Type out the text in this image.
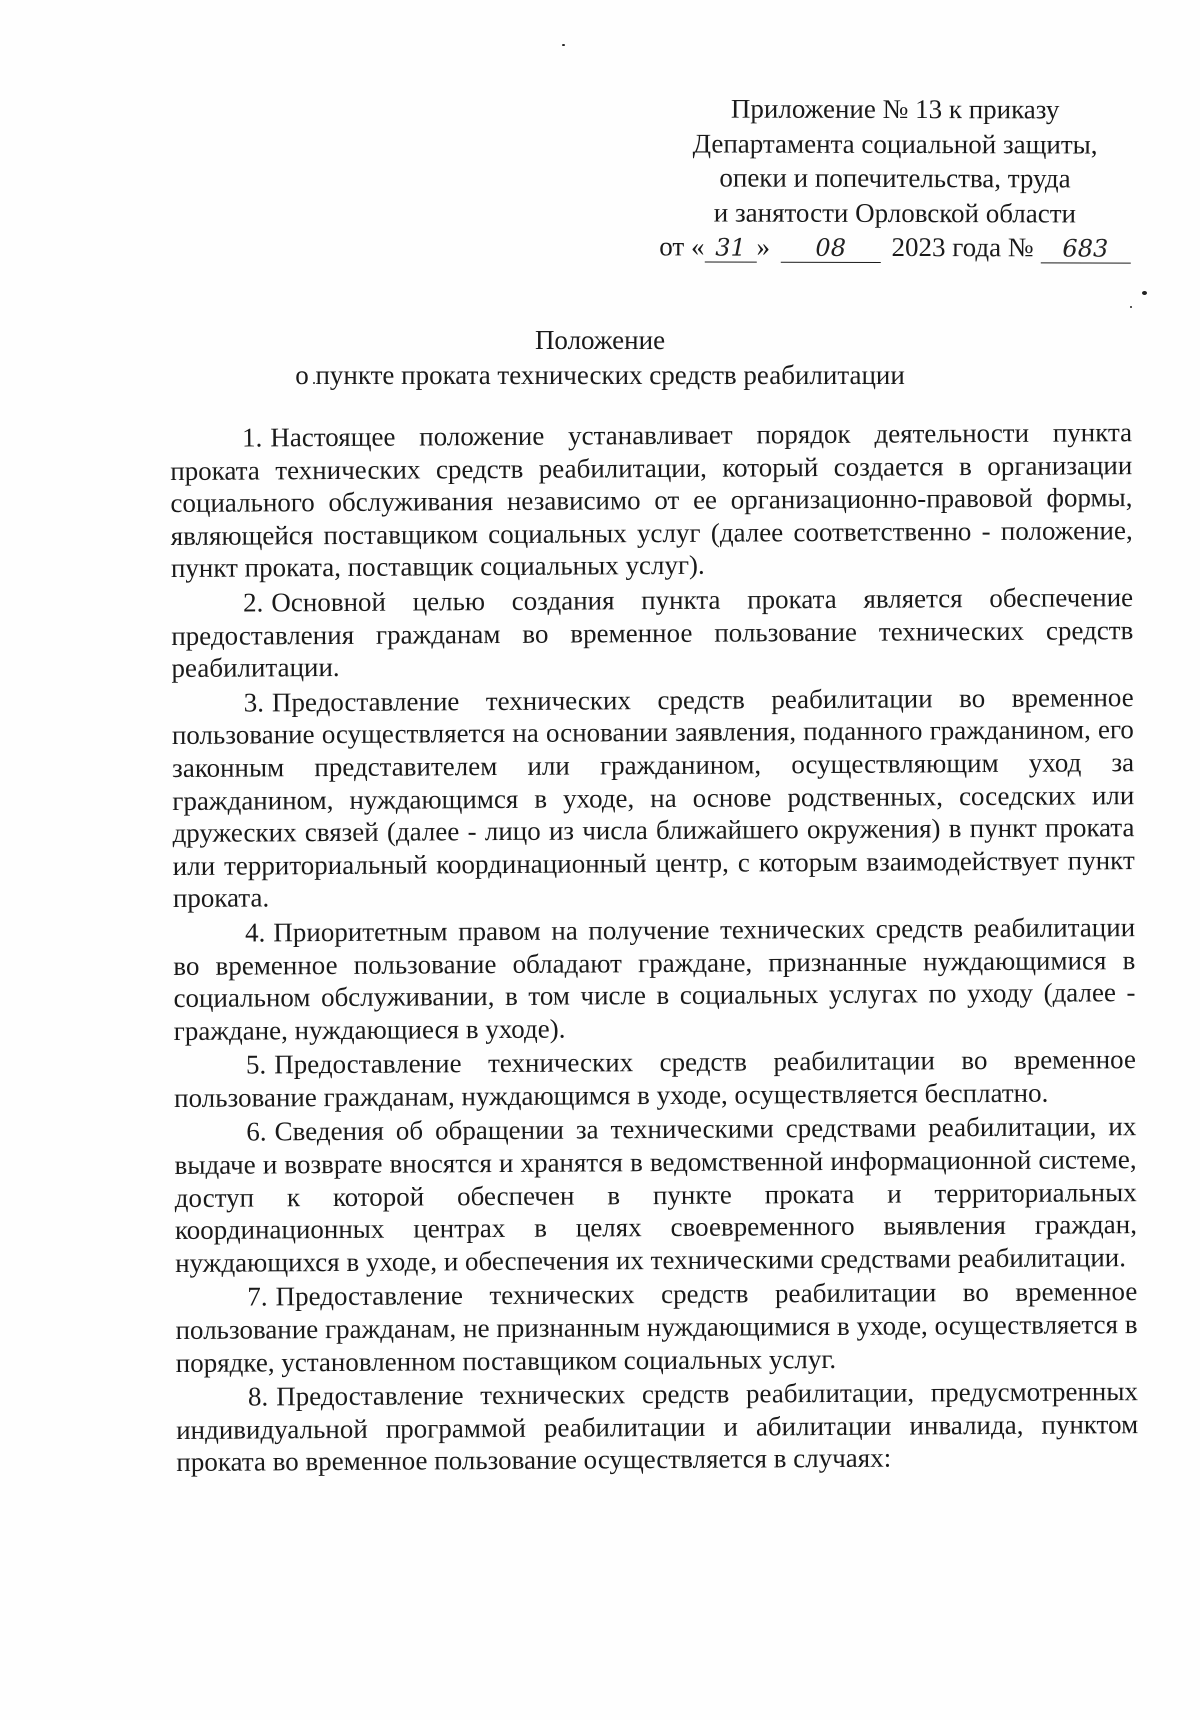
Приложение № 13 к приказу
Департамента социальной защиты,
опеки и попечительства, труда
и занятости Орловской области
от « 31 » 08 2023 года № 683
Положение
о пункте проката технических средств реабилитации

1. Настоящее положение устанавливает порядок деятельности пункта проката технических средств реабилитации, который создается в организации социального обслуживания независимо от ее организационно-правовой формы, являющейся поставщиком социальных услуг (далее соответственно - положение, пункт проката, поставщик социальных услуг).

2. Основной целью создания пункта проката является обеспечение предоставления гражданам во временное пользование технических средств реабилитации.

3. Предоставление технических средств реабилитации во временное пользование осуществляется на основании заявления, поданного гражданином, его законным представителем или гражданином, осуществляющим уход за гражданином, нуждающимся в уходе, на основе родственных, соседских или дружеских связей (далее - лицо из числа ближайшего окружения) в пункт проката или территориальный координационный центр, с которым взаимодействует пункт проката.

4. Приоритетным правом на получение технических средств реабилитации во временное пользование обладают граждане, признанные нуждающимися в социальном обслуживании, в том числе в социальных услугах по уходу (далее - граждане, нуждающиеся в уходе).

5. Предоставление технических средств реабилитации во временное пользование гражданам, нуждающимся в уходе, осуществляется бесплатно.

6. Сведения об обращении за техническими средствами реабилитации, их выдаче и возврате вносятся и хранятся в ведомственной информационной системе, доступ к которой обеспечен в пункте проката и территориальных координационных центрах в целях своевременного выявления граждан, нуждающихся в уходе, и обеспечения их техническими средствами реабилитации.

7. Предоставление технических средств реабилитации во временное пользование гражданам, не признанным нуждающимися в уходе, осуществляется в порядке, установленном поставщиком социальных услуг.

8. Предоставление технических средств реабилитации, предусмотренных индивидуальной программой реабилитации и абилитации инвалида, пунктом проката во временное пользование осуществляется в случаях:
